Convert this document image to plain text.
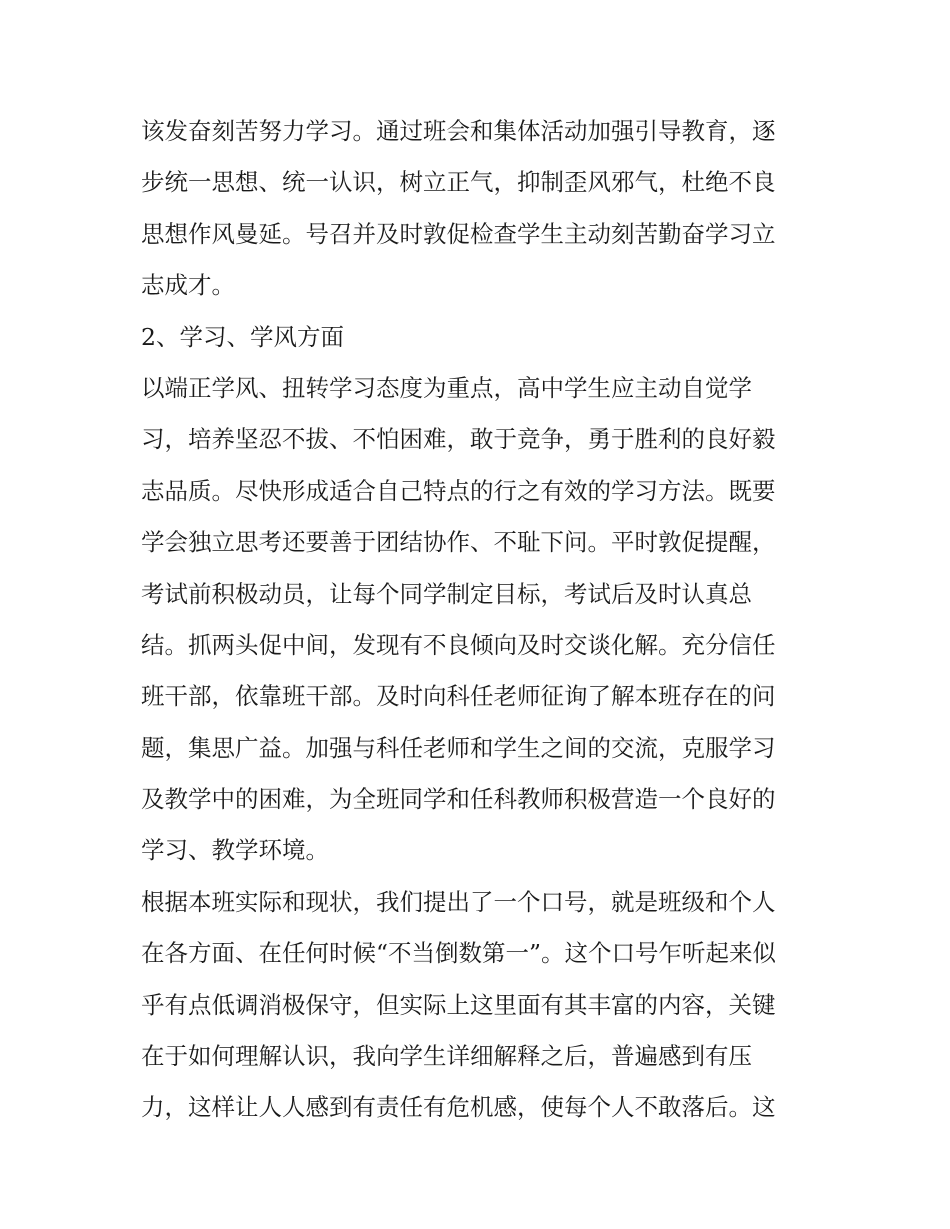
该发奋刻苦努力学习。通过班会和集体活动加强引导教育，逐
步统一思想、统一认识，树立正气，抑制歪风邪气，杜绝不良
思想作风曼延。号召并及时敦促检查学生主动刻苦勤奋学习立
志成才。
2、学习、学风方面
以端正学风、扭转学习态度为重点，高中学生应主动自觉学
习，培养坚忍不拔、不怕困难，敢于竞争，勇于胜利的良好毅
志品质。尽快形成适合自己特点的行之有效的学习方法。既要
学会独立思考还要善于团结协作、不耻下问。平时敦促提醒，
考试前积极动员，让每个同学制定目标，考试后及时认真总
结。抓两头促中间，发现有不良倾向及时交谈化解。充分信任
班干部，依靠班干部。及时向科任老师征询了解本班存在的问
题，集思广益。加强与科任老师和学生之间的交流，克服学习
及教学中的困难，为全班同学和任科教师积极营造一个良好的
学习、教学环境。
根据本班实际和现状，我们提出了一个口号，就是班级和个人
在各方面、在任何时候“不当倒数第一”。这个口号乍听起来似
乎有点低调消极保守，但实际上这里面有其丰富的内容，关键
在于如何理解认识，我向学生详细解释之后，普遍感到有压
力，这样让人人感到有责任有危机感，使每个人不敢落后。这
